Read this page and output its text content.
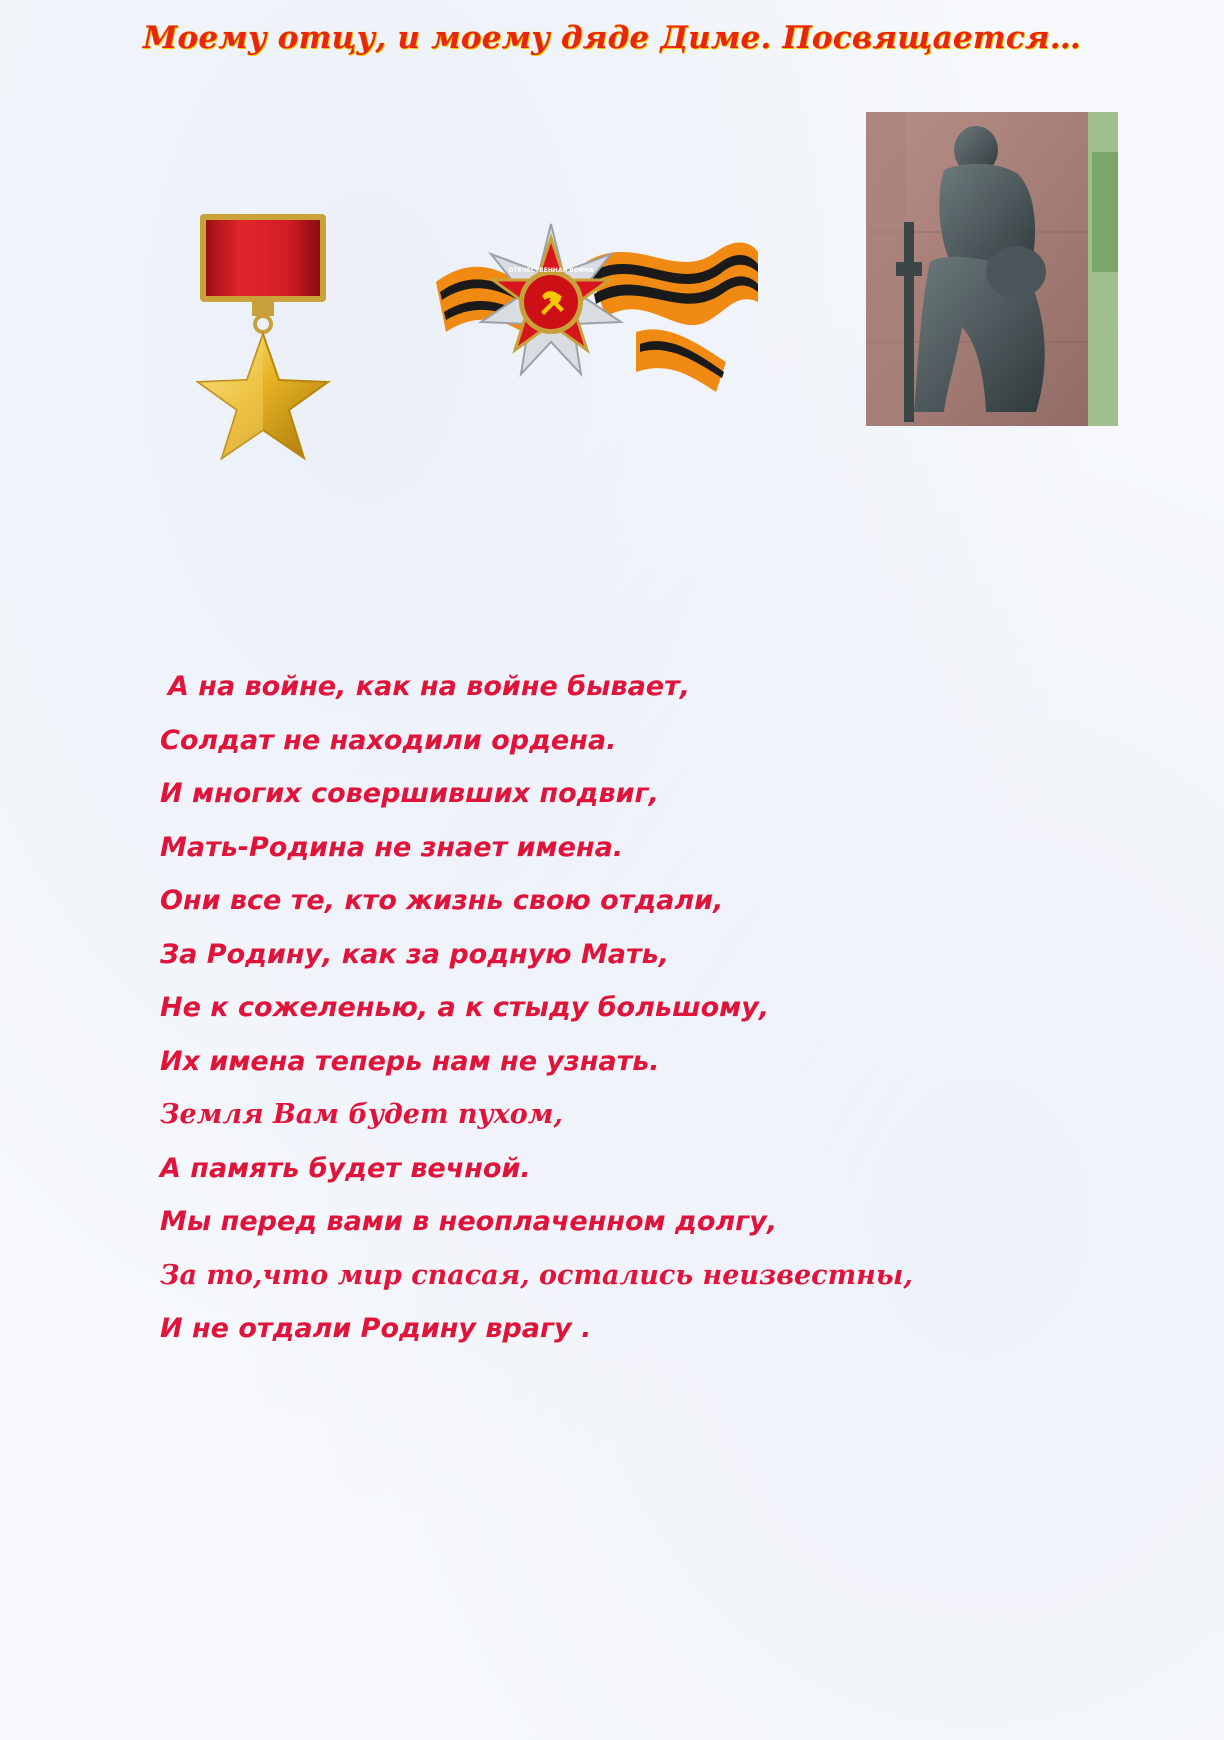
Моему отцу, и моему дяде Диме. Посвящается…
ОТЕЧЕСТВЕННАЯ ВОЙНА
А на войне, как на войне бывает,
Солдат не находили ордена.
И многих совершивших подвиг,
Мать-Родина не знает имена.
Они все те, кто жизнь свою отдали,
За Родину, как за родную Мать,
Не к сожеленью, а к стыду большому,
Их имена теперь нам не узнать.
Земля Вам будет пухом,
А память будет вечной.
Мы перед вами в неоплаченном долгу,
За то,что мир спасая, остались неизвестны,
И не отдали Родину врагу .
